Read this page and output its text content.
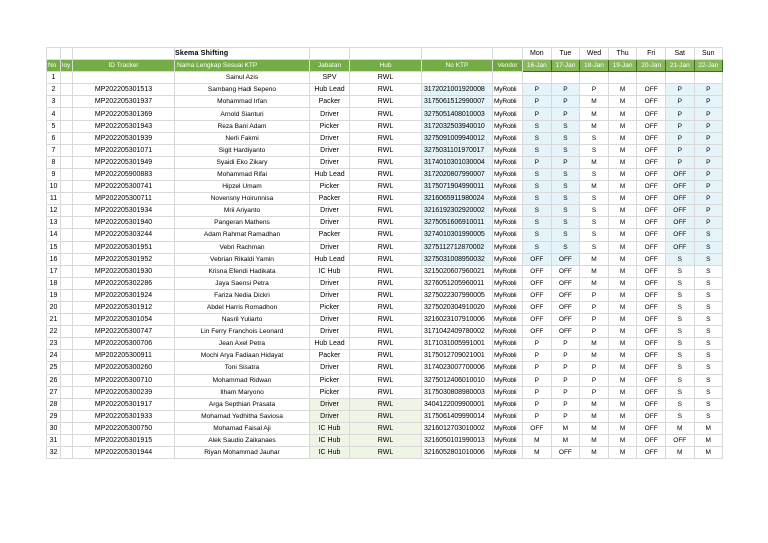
			Skema Shifting					Mon	Tue	Wed	Thu	Fri	Sat	Sun
No	loy	ID Tracker	Nama Lengkap Sesuai KTP	Jabatan	Hub	No KTP	Vendor	16-Jan	17-Jan	18-Jan	19-Jan	20-Jan	21-Jan	22-Jan
1			Sainul Azis	SPV	RWL									
2		MP202205301513	Sambang Hadi Sepeno	Hub Lead	RWL	3172021001920008	MyRobli	P	P	P	M	OFF	P	P
3		MP202205301937	Mohammad Irfan	Packer	RWL	3175061512990007	MyRobli	P	P	M	M	OFF	P	P
4		MP202205301369	Arnold Sianturi	Driver	RWL	3275051408010003	MyRobli	P	P	M	M	OFF	P	P
5		MP202205301943	Reza Bani Adam	Picker	RWL	3172032503940010	MyRobli	S	S	M	M	OFF	P	P
6		MP202205301939	Nerli Fakmi	Driver	RWL	3275091009940012	MyRobli	S	S	S	M	OFF	P	P
7		MP202205301071	Sigit Hardiyanto	Driver	RWL	3275031101970017	MyRobli	S	S	S	M	OFF	P	P
8		MP202205301949	Syaidi Eko Zikary	Driver	RWL	3174010301030004	MyRobli	P	P	M	M	OFF	P	P
9		MP202205900883	Mohammad Rifai	Hub Lead	RWL	3172020807990007	MyRobli	S	S	S	M	OFF	OFF	P
10		MP202205300741	Hipzel Umam	Picker	RWL	3175071904990011	MyRobli	S	S	M	M	OFF	OFF	P
11		MP202205300711	Novensny Hoirunnisa	Packer	RWL	3216065911980024	MyRobli	S	S	S	M	OFF	OFF	P
12		MP202205301934	Mrii Ariyanto	Driver	RWL	3216192302920002	MyRobli	S	S	S	M	OFF	OFF	P
13		MP202205301940	Pangeran Mathens	Driver	RWL	3275051606910011	MyRobli	S	S	S	M	OFF	OFF	P
14		MP202205303244	Adam Rahmat Ramadhan	Packer	RWL	3274010301990005	MyRobli	S	S	S	M	OFF	OFF	S
15		MP202205301951	Vebri Rachman	Driver	RWL	3275112712870002	MyRobli	S	S	S	M	OFF	OFF	S
16		MP202205301952	Vebrian Rikaldi Yamin	Hub Lead	RWL	3275031008950032	MyRobli	OFF	OFF	M	M	OFF	S	S
17		MP202205301930	Krisna Efendi Hadikata	IC Hub	RWL	3215020607960021	MyRobli	OFF	OFF	M	M	OFF	S	S
18		MP202205302286	Jaya Saensi Petra	Driver	RWL	3276051205960011	MyRobli	OFF	OFF	M	M	OFF	S	S
19		MP202205301924	Fariza Nedia Dickri	Driver	RWL	3275022307990005	MyRobli	OFF	OFF	P	M	OFF	S	S
20		MP202205301912	Abdel Harris Romadhon	Picker	RWL	3275020304910020	MyRobli	OFF	OFF	P	M	OFF	S	S
21		MP202205301054	Nasril Yuliarto	Driver	RWL	3216023107910006	MyRobli	OFF	OFF	P	M	OFF	S	S
22		MP202205300747	Lin Ferry Franchois Leonard	Driver	RWL	3171042409780002	MyRobli	OFF	OFF	P	M	OFF	S	S
23		MP202205300706	Jean Axel Petra	Hub Lead	RWL	3171031005991001	MyRobli	P	P	M	M	OFF	S	S
24		MP202205300911	Mochi Arya Fadiaan Hidayat	Packer	RWL	3175012709021001	MyRobli	P	P	M	M	OFF	S	S
25		MP202205300260	Toni Sisatra	Driver	RWL	3174023007700006	MyRobli	P	P	P	M	OFF	S	S
26		MP202205300710	Mohammad Ridwan	Picker	RWL	3275012406010010	MyRobli	P	P	P	M	OFF	S	S
27		MP202205300239	Ilham Maryono	Picker	RWL	3175030808980003	MyRobli	P	P	P	M	OFF	S	S
28		MP202205301917	Arga Septhian Prasata	Driver	RWL	3404122009900001	MyRobli	P	P	M	M	OFF	S	S
29		MP202205301933	Mohamad Yedhitha Saviosa	Driver	RWL	3175061409990014	MyRobli	P	P	M	M	OFF	S	S
30		MP202205300750	Mohamad Faisal Aji	IC Hub	RWL	3216012703010002	MyRobli	OFF	M	M	M	OFF	M	M
31		MP202205301915	Alek Saudio Zaikanaes	IC Hub	RWL	3216050101990013	MyRobli	M	M	M	M	OFF	OFF	M
32		MP202205301944	Riyan Mohammad Jauhar	IC Hub	RWL	3216052801010006	MyRobli	M	OFF	M	M	OFF	M	M
